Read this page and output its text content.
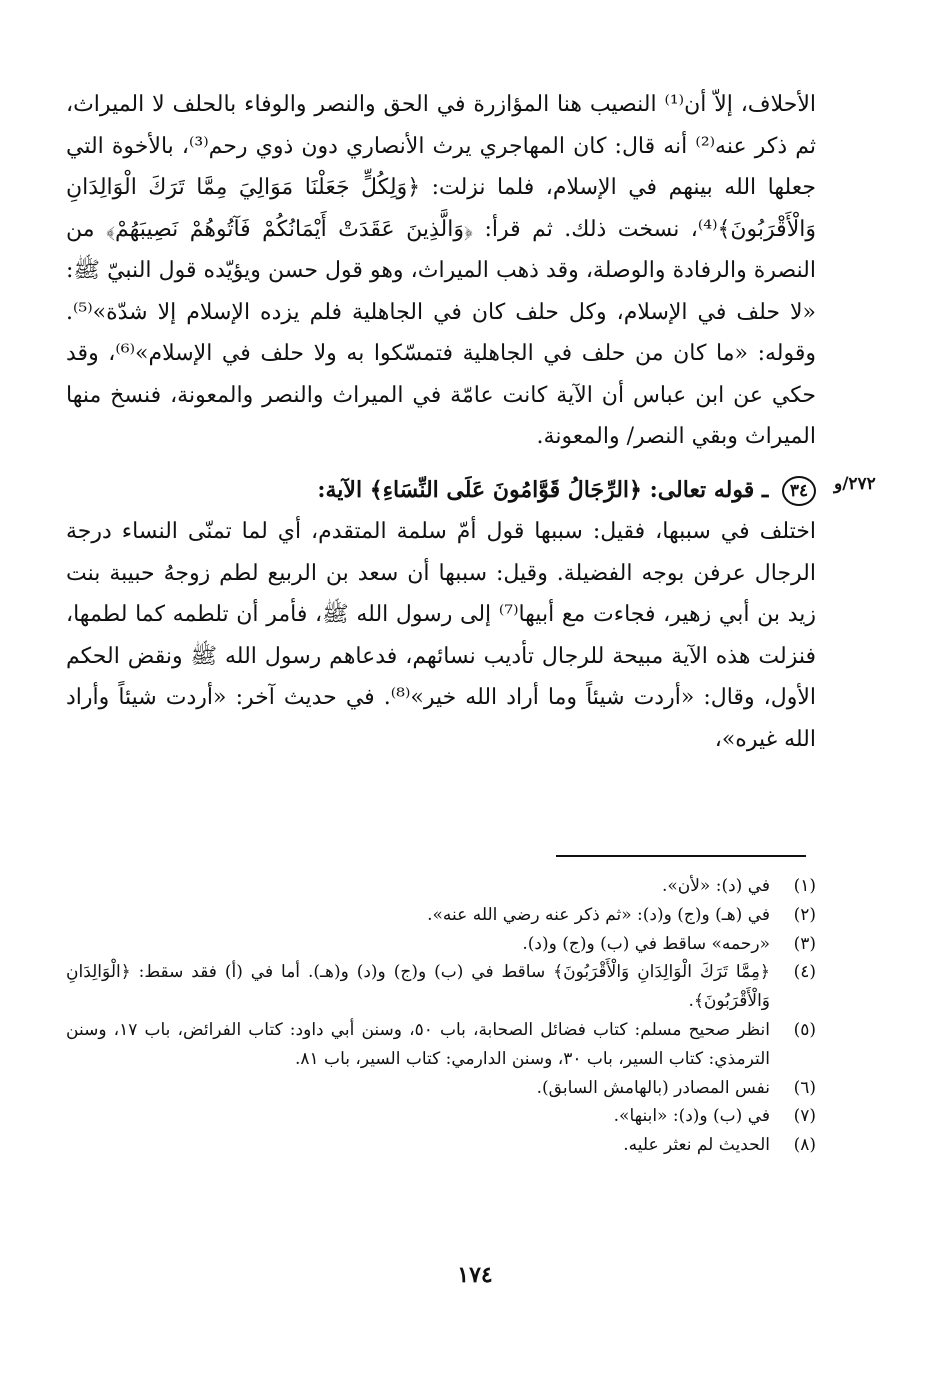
الأحلاف، إلاّ أن⁽¹⁾ النصيب هنا المؤازرة في الحق والنصر والوفاء بالحلف لا الميراث، ثم ذكر عنه⁽²⁾ أنه قال: كان المهاجري يرث الأنصاري دون ذوي رحم⁽³⁾، بالأخوة التي جعلها الله بينهم في الإسلام، فلما نزلت: ﴿وَلِكُلٍّ جَعَلْنَا مَوَالِيَ مِمَّا تَرَكَ الْوَالِدَانِ وَالْأَقْرَبُونَ﴾⁽⁴⁾، نسخت ذلك. ثم قرأ: ﴿وَالَّذِينَ عَقَدَتْ أَيْمَانُكُمْ فَآتُوهُمْ نَصِيبَهُمْ﴾ من النصرة والرفادة والوصلة، وقد ذهب الميراث، وهو قول حسن ويؤيّده قول النبيّ ﷺ: «لا حلف في الإسلام، وكل حلف كان في الجاهلية فلم يزده الإسلام إلا شدّة»⁽⁵⁾. وقوله: «ما كان من حلف في الجاهلية فتمسّكوا به ولا حلف في الإسلام»⁽⁶⁾، وقد حكي عن ابن عباس أن الآية كانت عامّة في الميراث والنصر والمعونة، فنسخ منها الميراث وبقي النصر/ والمعونة.

٣٤ ـ قوله تعالى: ﴿الرِّجَالُ قَوَّامُونَ عَلَى النِّسَاءِ﴾ الآية:

اختلف في سببها، فقيل: سببها قول أمّ سلمة المتقدم، أي لما تمنّى النساء درجة الرجال عرفن بوجه الفضيلة. وقيل: سببها أن سعد بن الربيع لطم زوجهُ حبيبة بنت زيد بن أبي زهير، فجاءت مع أبيها⁽⁷⁾ إلى رسول الله ﷺ، فأمر أن تلطمه كما لطمها، فنزلت هذه الآية مبيحة للرجال تأديب نسائهم، فدعاهم رسول الله ﷺ ونقض الحكم الأول، وقال: «أردت شيئاً وما أراد الله خير»⁽⁸⁾. في حديث آخر: «أردت شيئاً وأراد الله غيره»،

٢٧٢/و
(١)
في (د): «لأن».
(٢)
في (هـ) و(ج) و(د): «ثم ذكر عنه رضي الله عنه».
(٣)
«رحمه» ساقط في (ب) و(ج) و(د).
(٤)
﴿مِمَّا تَرَكَ الْوَالِدَانِ وَالْأَقْرَبُونَ﴾ ساقط في (ب) و(ج) و(د) و(هـ). أما في (أ) فقد سقط: ﴿الْوَالِدَانِ وَالْأَقْرَبُونَ﴾.
(٥)
انظر صحيح مسلم: كتاب فضائل الصحابة، باب ٥٠، وسنن أبي داود: كتاب الفرائض، باب ١٧، وسنن الترمذي: كتاب السير، باب ٣٠، وسنن الدارمي: كتاب السير، باب ٨١.
(٦)
نفس المصادر (بالهامش السابق).
(٧)
في (ب) و(د): «ابنها».
(٨)
الحديث لم نعثر عليه.
١٧٤
